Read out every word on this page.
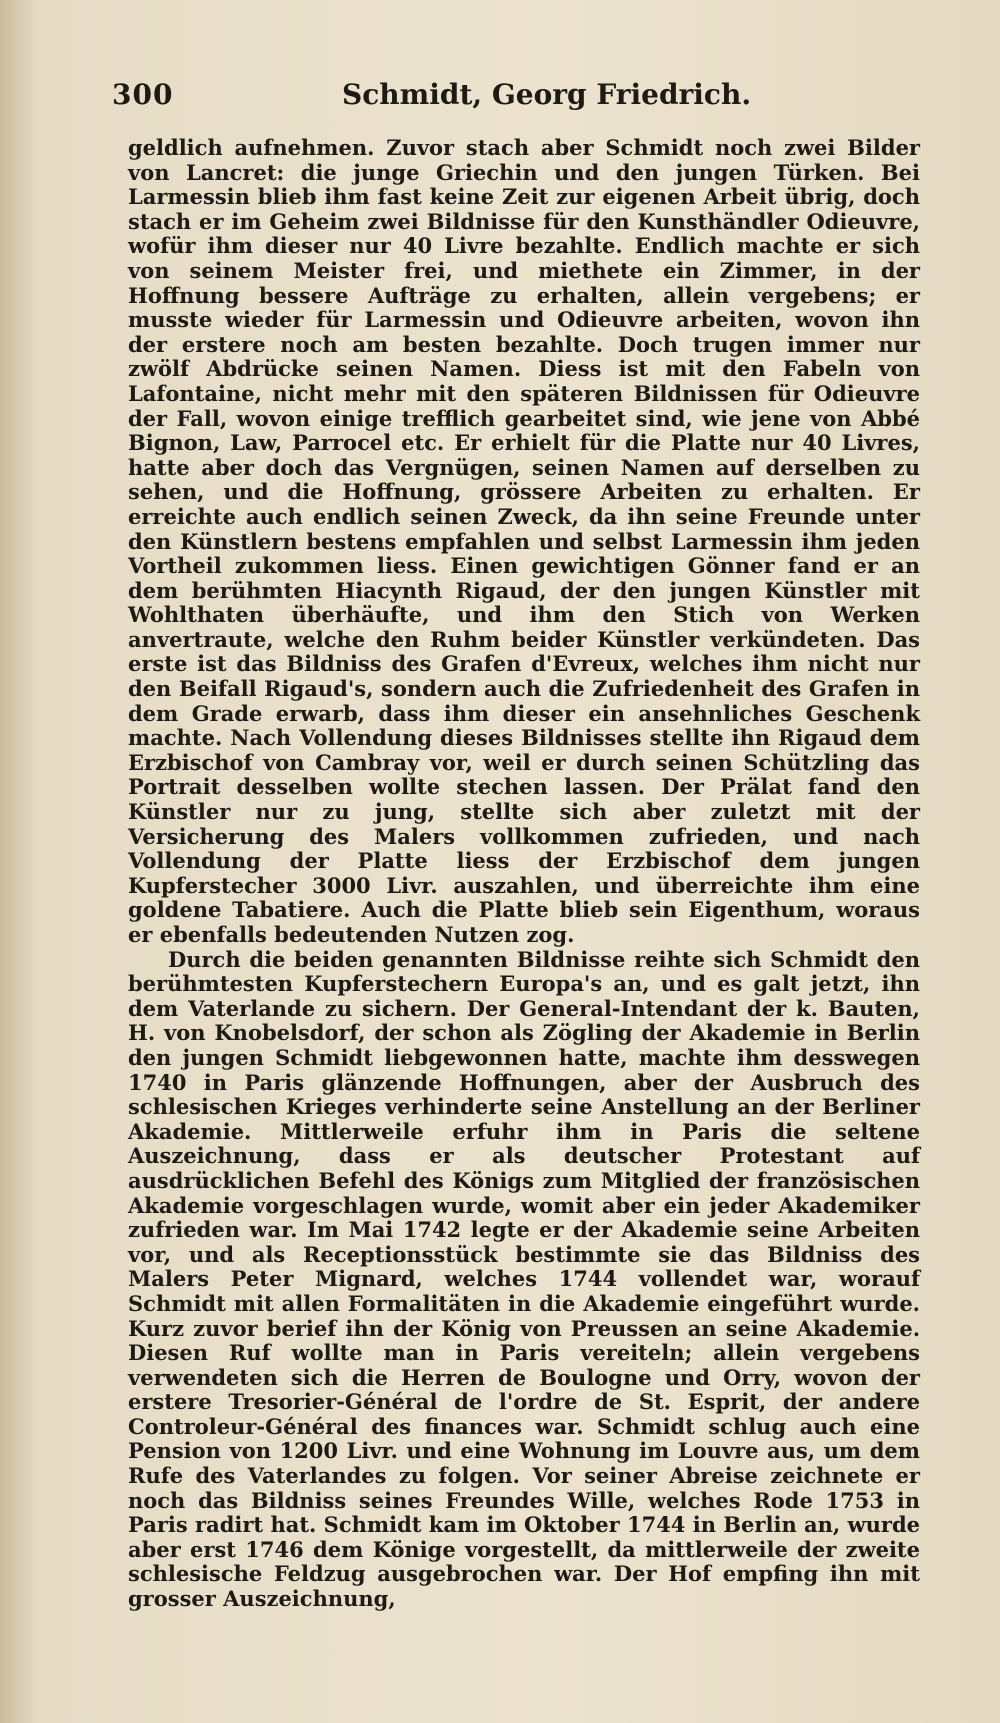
300	Schmidt, Georg Friedrich.

geldlich aufnehmen. Zuvor stach aber Schmidt noch zwei Bilder von Lancret: die junge Griechin und den jungen Türken. Bei Larmessin blieb ihm fast keine Zeit zur eigenen Arbeit übrig, doch stach er im Geheim zwei Bildnisse für den Kunsthändler Odieuvre, wofür ihm dieser nur 40 Livre bezahlte. Endlich machte er sich von seinem Meister frei, und miethete ein Zimmer, in der Hoffnung bessere Aufträge zu erhalten, allein vergebens; er musste wieder für Larmessin und Odieuvre arbeiten, wovon ihn der erstere noch am besten bezahlte. Doch trugen immer nur zwölf Abdrücke seinen Namen. Diess ist mit den Fabeln von Lafontaine, nicht mehr mit den späteren Bildnissen für Odieuvre der Fall, wovon einige trefflich gearbeitet sind, wie jene von Abbé Bignon, Law, Parrocel etc. Er erhielt für die Platte nur 40 Livres, hatte aber doch das Vergnügen, seinen Namen auf derselben zu sehen, und die Hoffnung, grössere Arbeiten zu erhalten. Er erreichte auch endlich seinen Zweck, da ihn seine Freunde unter den Künstlern bestens empfahlen und selbst Larmessin ihm jeden Vortheil zukommen liess. Einen gewichtigen Gönner fand er an dem berühmten Hiacynth Rigaud, der den jungen Künstler mit Wohlthaten überhäufte, und ihm den Stich von Werken anvertraute, welche den Ruhm beider Künstler verkündeten. Das erste ist das Bildniss des Grafen d'Evreux, welches ihm nicht nur den Beifall Rigaud's, sondern auch die Zufriedenheit des Grafen in dem Grade erwarb, dass ihm dieser ein ansehnliches Geschenk machte. Nach Vollendung dieses Bildnisses stellte ihn Rigaud dem Erzbischof von Cambray vor, weil er durch seinen Schützling das Portrait desselben wollte stechen lassen. Der Prälat fand den Künstler nur zu jung, stellte sich aber zuletzt mit der Versicherung des Malers vollkommen zufrieden, und nach Vollendung der Platte liess der Erzbischof dem jungen Kupferstecher 3000 Livr. auszahlen, und überreichte ihm eine goldene Tabatiere. Auch die Platte blieb sein Eigenthum, woraus er ebenfalls bedeutenden Nutzen zog.

Durch die beiden genannten Bildnisse reihte sich Schmidt den berühmtesten Kupferstechern Europa's an, und es galt jetzt, ihn dem Vaterlande zu sichern. Der General-Intendant der k. Bauten, H. von Knobelsdorf, der schon als Zögling der Akademie in Berlin den jungen Schmidt liebgewonnen hatte, machte ihm desswegen 1740 in Paris glänzende Hoffnungen, aber der Ausbruch des schlesischen Krieges verhinderte seine Anstellung an der Berliner Akademie. Mittlerweile erfuhr ihm in Paris die seltene Auszeichnung, dass er als deutscher Protestant auf ausdrücklichen Befehl des Königs zum Mitglied der französischen Akademie vorgeschlagen wurde, womit aber ein jeder Akademiker zufrieden war. Im Mai 1742 legte er der Akademie seine Arbeiten vor, und als Receptionsstück bestimmte sie das Bildniss des Malers Peter Mignard, welches 1744 vollendet war, worauf Schmidt mit allen Formalitäten in die Akademie eingeführt wurde. Kurz zuvor berief ihn der König von Preussen an seine Akademie. Diesen Ruf wollte man in Paris vereiteln; allein vergebens verwendeten sich die Herren de Boulogne und Orry, wovon der erstere Tresorier-Général de l'ordre de St. Esprit, der andere Controleur-Général des finances war. Schmidt schlug auch eine Pension von 1200 Livr. und eine Wohnung im Louvre aus, um dem Rufe des Vaterlandes zu folgen. Vor seiner Abreise zeichnete er noch das Bildniss seines Freundes Wille, welches Rode 1753 in Paris radirt hat. Schmidt kam im Oktober 1744 in Berlin an, wurde aber erst 1746 dem Könige vorgestellt, da mittlerweile der zweite schlesische Feldzug ausgebrochen war. Der Hof empfing ihn mit grosser Auszeichnung,
